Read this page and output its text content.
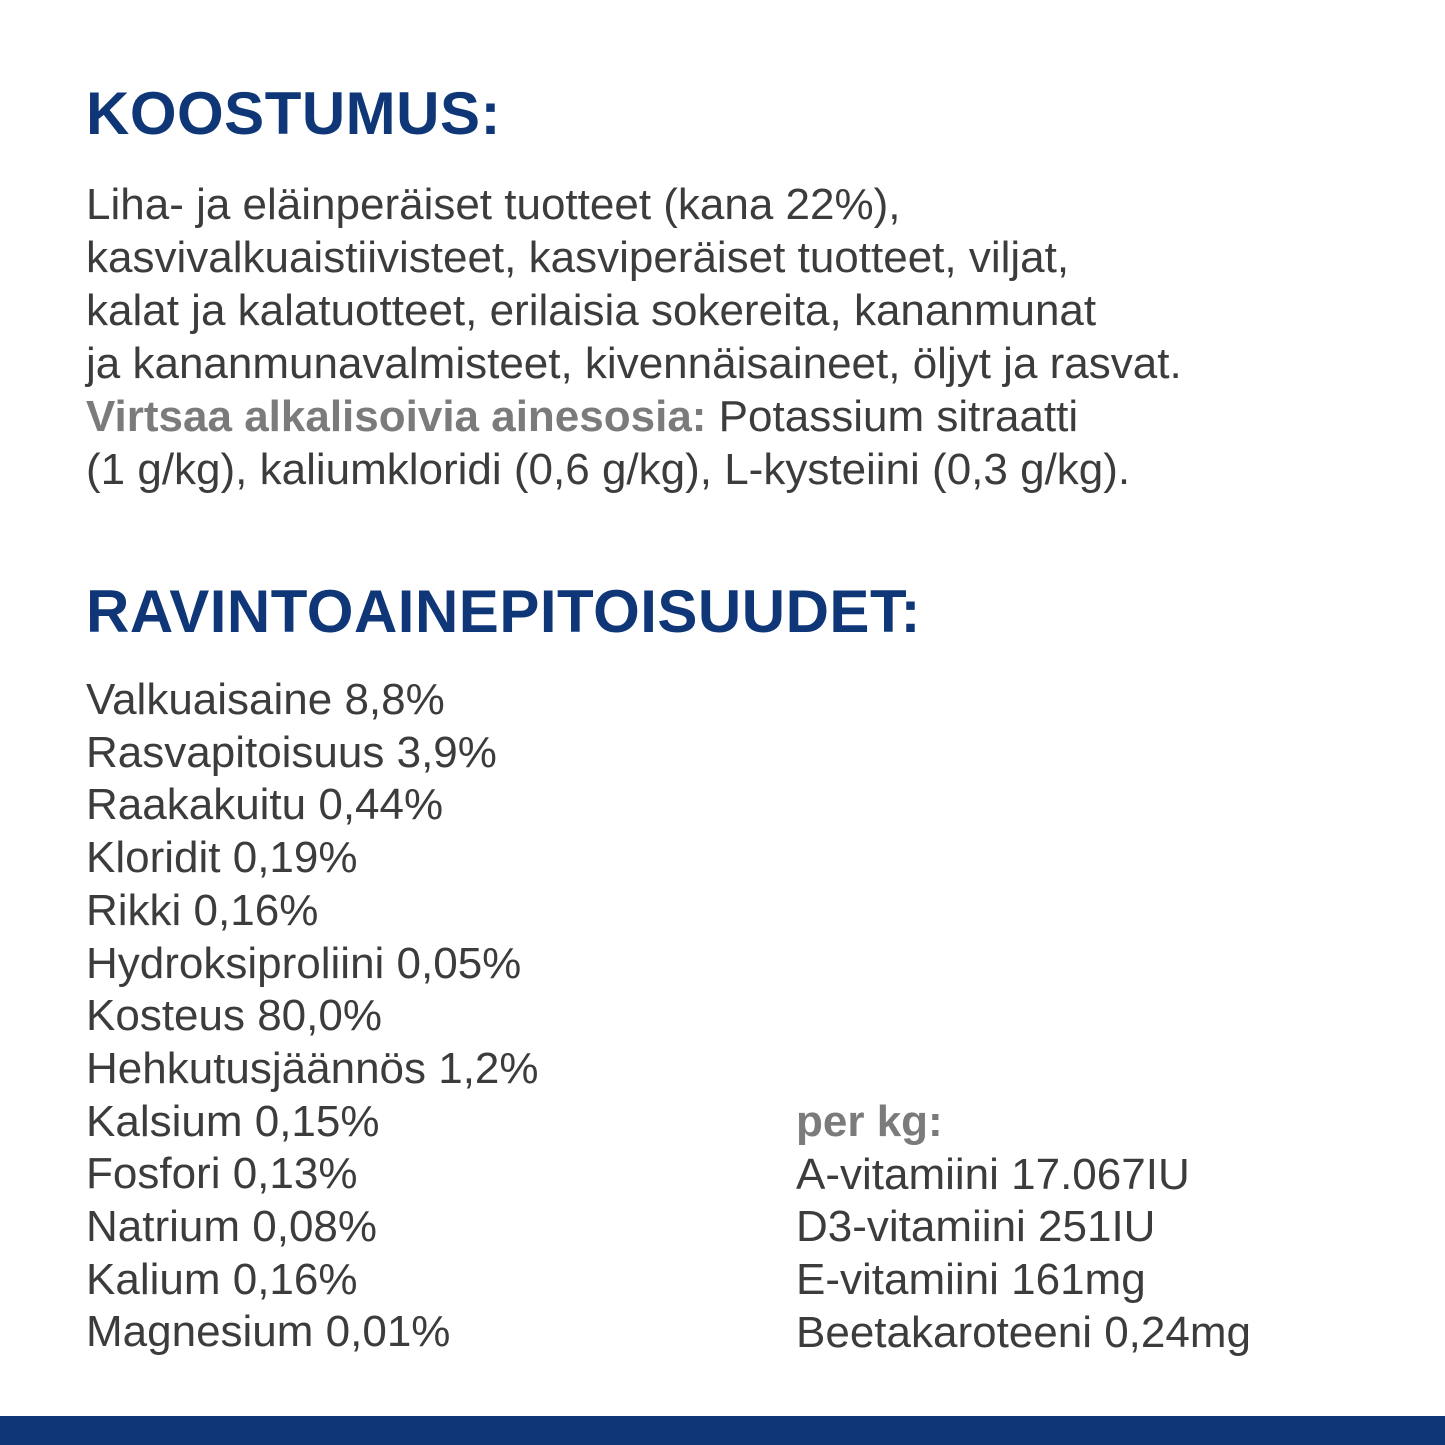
KOOSTUMUS:

Liha- ja eläinperäiset tuotteet (kana 22%),
kasvivalkuaistiivisteet, kasviperäiset tuotteet, viljat,
kalat ja kalatuotteet, erilaisia sokereita, kananmunat
ja kananmunavalmisteet, kivennäisaineet, öljyt ja rasvat.
Virtsaa alkalisoivia ainesosia: Potassium sitraatti
(1 g/kg), kaliumkloridi (0,6 g/kg), L-kysteiini (0,3 g/kg).

RAVINTOAINEPITOISUUDET:
Valkuaisaine 8,8%
Rasvapitoisuus 3,9%
Raakakuitu 0,44%
Kloridit 0,19%
Rikki 0,16%
Hydroksiproliini 0,05%
Kosteus 80,0%
Hehkutusjäännös 1,2%
Kalsium 0,15%
Fosfori 0,13%
Natrium 0,08%
Kalium 0,16%
Magnesium 0,01%
per kg:
A-vitamiini 17.067IU
D3-vitamiini 251IU
E-vitamiini 161mg
Beetakaroteeni 0,24mg
